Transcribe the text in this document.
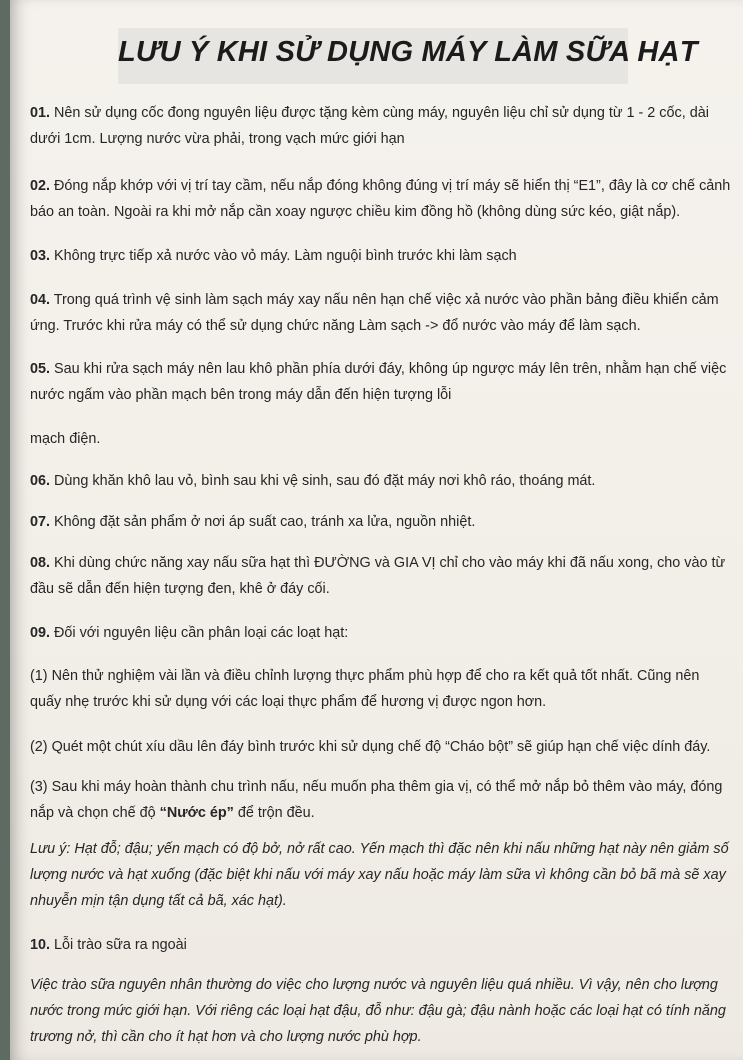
LƯU Ý KHI SỬ DỤNG MÁY LÀM SỮA HẠT

01. Nên sử dụng cốc đong nguyên liệu được tặng kèm cùng máy, nguyên liệu chỉ sử dụng từ 1 - 2 cốc, dài dưới 1cm. Lượng nước vừa phải, trong vạch mức giới hạn

02. Đóng nắp khớp với vị trí tay cầm, nếu nắp đóng không đúng vị trí máy sẽ hiển thị “E1”, đây là cơ chế cảnh báo an toàn. Ngoài ra khi mở nắp cần xoay ngược chiều kim đồng hồ (không dùng sức kéo, giật nắp).

03. Không trực tiếp xả nước vào vỏ máy. Làm nguội bình trước khi làm sạch

04. Trong quá trình vệ sinh làm sạch máy xay nấu nên hạn chế việc xả nước vào phần bảng điều khiển cảm ứng. Trước khi rửa máy có thể sử dụng chức năng Làm sạch -> đổ nước vào máy để làm sạch.

05. Sau khi rửa sạch máy nên lau khô phần phía dưới đáy, không úp ngược máy lên trên, nhằm hạn chế việc nước ngấm vào phần mạch bên trong máy dẫn đến hiện tượng lỗi

mạch điện.

06. Dùng khăn khô lau vỏ, bình sau khi vệ sinh, sau đó đặt máy nơi khô ráo, thoáng mát.

07. Không đặt sản phẩm ở nơi áp suất cao, tránh xa lửa, nguồn nhiệt.

08. Khi dùng chức năng xay nấu sữa hạt thì ĐƯỜNG và GIA VỊ chỉ cho vào máy khi đã nấu xong, cho vào từ đầu sẽ dẫn đến hiện tượng đen, khê ở đáy cối.

09. Đối với nguyên liệu cần phân loại các loạt hạt:

(1) Nên thử nghiệm vài lần và điều chỉnh lượng thực phẩm phù hợp để cho ra kết quả tốt nhất. Cũng nên quấy nhẹ trước khi sử dụng với các loại thực phẩm để hương vị được ngon hơn.

(2) Quét một chút xíu dầu lên đáy bình trước khi sử dụng chế độ “Cháo bột” sẽ giúp hạn chế việc dính đáy.

(3) Sau khi máy hoàn thành chu trình nấu, nếu muốn pha thêm gia vị, có thể mở nắp bỏ thêm vào máy, đóng nắp và chọn chế độ “Nước ép” để trộn đều.

Lưu ý: Hạt đỗ; đậu; yến mạch có độ bở, nở rất cao. Yến mạch thì đặc nên khi nấu những hạt này nên giảm số lượng nước và hạt xuống (đặc biệt khi nấu với máy xay nấu hoặc máy làm sữa vì không cần bỏ bã mà sẽ xay nhuyễn mịn tận dụng tất cả bã, xác hạt).

10. Lỗi trào sữa ra ngoài

Việc trào sữa nguyên nhân thường do việc cho lượng nước và nguyên liệu quá nhiều. Vì vậy, nên cho lượng nước trong mức giới hạn. Với riêng các loại hạt đậu, đỗ như: đậu gà; đậu nành hoặc các loại hạt có tính năng trương nở, thì cần cho ít hạt hơn và cho lượng nước phù hợp.
